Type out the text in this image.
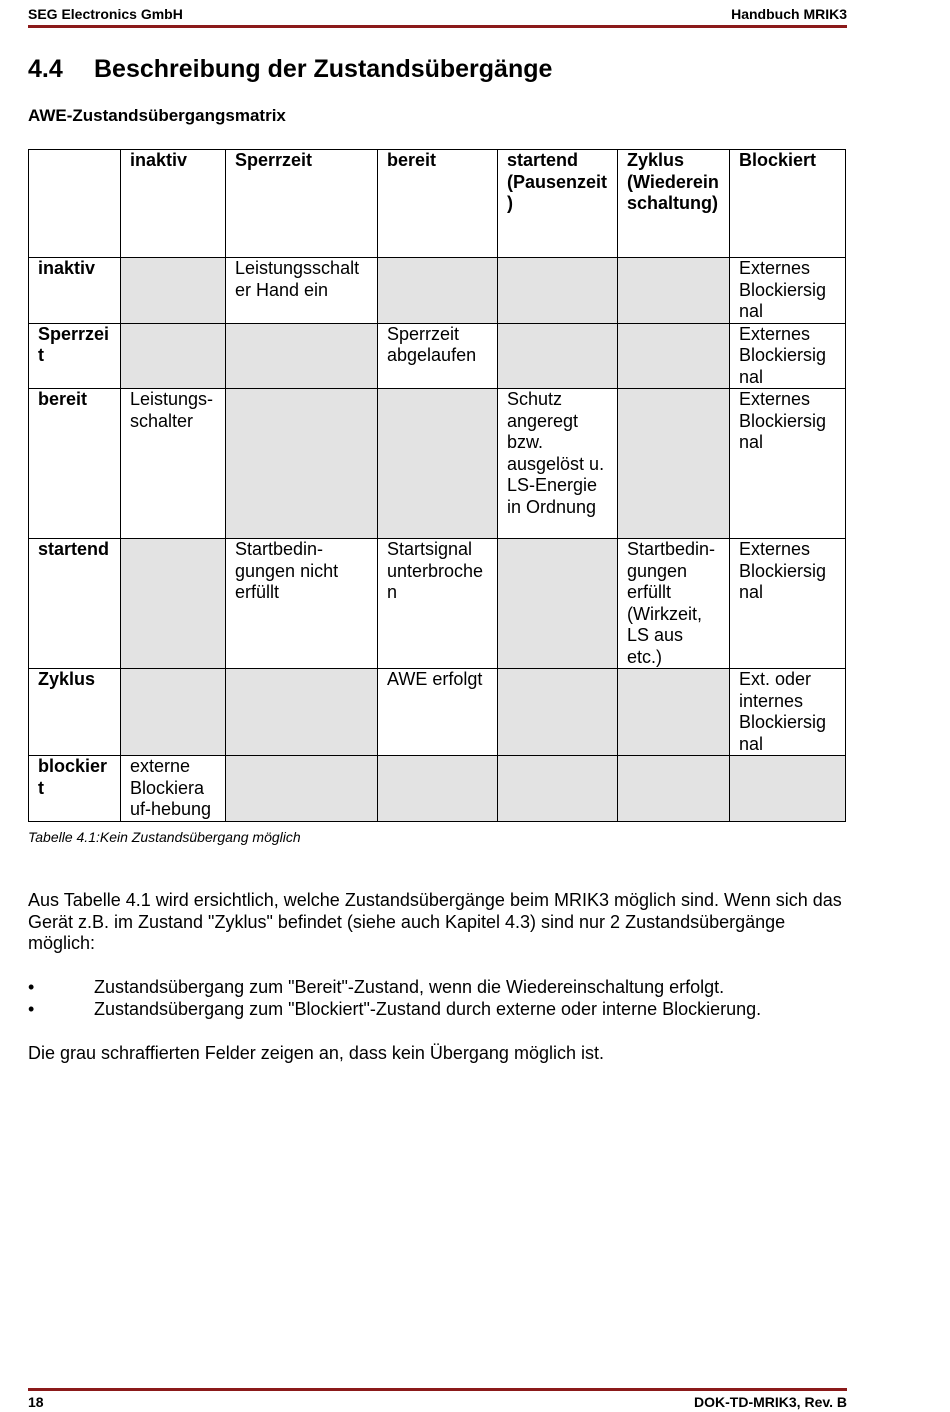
SEG Electronics GmbH	Handbuch MRIK3
4.4 Beschreibung der Zustandsübergänge
AWE-Zustandsübergangsmatrix
	inaktiv	Sperrzeit	bereit	startend (Pausenzeit)	Zyklus (Wiedereinschaltung)	Blockiert
inaktiv		Leistungsschalter Hand ein				Externes Blockiersignal
Sperrzeit			Sperrzeit abgelaufen			Externes Blockiersignal
bereit	Leistungs-schalter			Schutz angeregt bzw. ausgelöst u. LS-Energie in Ordnung		Externes Blockiersignal
startend		Startbedin-gungen nicht erfüllt	Startsignal unterbrochen		Startbedin-gungen erfüllt (Wirkzeit, LS aus etc.)	Externes Blockiersignal
Zyklus			AWE erfolgt			Ext. oder internes Blockiersignal
blockiert	externe Blockiera uf-hebung					
Tabelle 4.1:Kein Zustandsübergang möglich

Aus Tabelle 4.1 wird ersichtlich, welche Zustandsübergänge beim MRIK3 möglich sind. Wenn sich das Gerät z.B. im Zustand "Zyklus" befindet (siehe auch Kapitel 4.3) sind nur 2 Zustandsübergänge möglich:

•	Zustandsübergang zum "Bereit"-Zustand, wenn die Wiedereinschaltung erfolgt.
•	Zustandsübergang zum "Blockiert"-Zustand durch externe oder interne Blockierung.

Die grau schraffierten Felder zeigen an, dass kein Übergang möglich ist.

18	DOK-TD-MRIK3, Rev. B
